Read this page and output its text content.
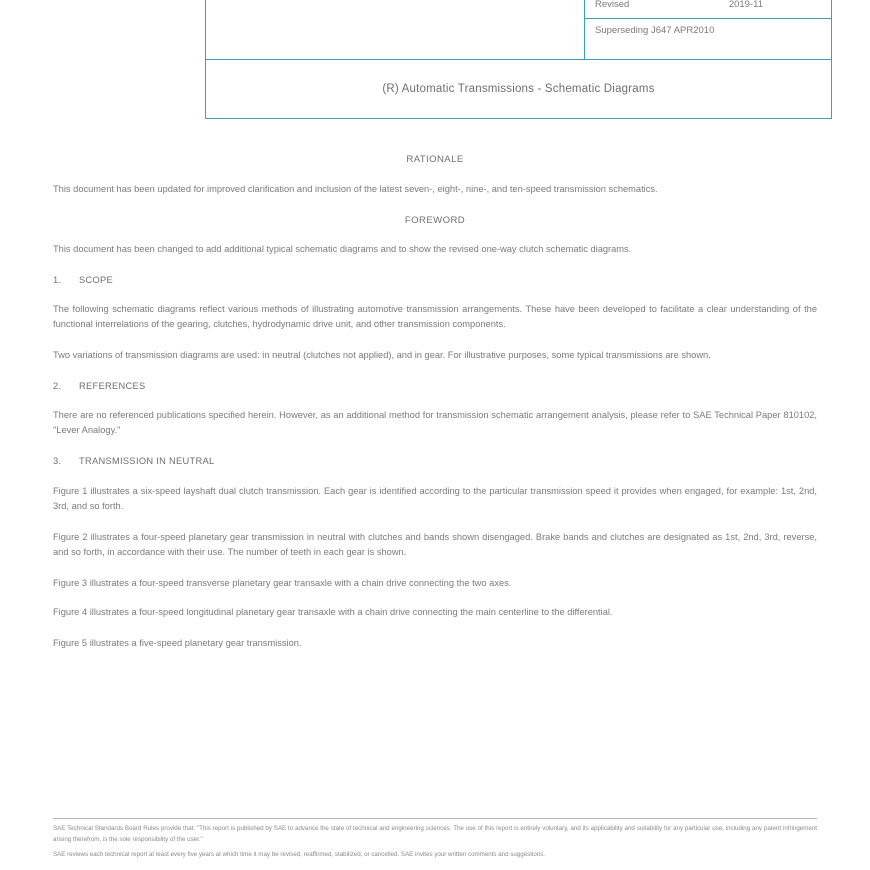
Revised	2019-11
Superseding J647 APR2010
(R) Automatic Transmissions - Schematic Diagrams
RATIONALE

This document has been updated for improved clarification and inclusion of the latest seven-, eight-, nine-, and ten-speed transmission schematics.

FOREWORD

This document has been changed to add additional typical schematic diagrams and to show the revised one-way clutch schematic diagrams.

1. SCOPE

The following schematic diagrams reflect various methods of illustrating automotive transmission arrangements. These have been developed to facilitate a clear understanding of the functional interrelations of the gearing, clutches, hydrodynamic drive unit, and other transmission components.

Two variations of transmission diagrams are used: in neutral (clutches not applied), and in gear. For illustrative purposes, some typical transmissions are shown.

2. REFERENCES

There are no referenced publications specified herein. However, as an additional method for transmission schematic arrangement analysis, please refer to SAE Technical Paper 810102, "Lever Analogy."

3. TRANSMISSION IN NEUTRAL

Figure 1 illustrates a six-speed layshaft dual clutch transmission. Each gear is identified according to the particular transmission speed it provides when engaged, for example: 1st, 2nd, 3rd, and so forth.

Figure 2 illustrates a four-speed planetary gear transmission in neutral with clutches and bands shown disengaged. Brake bands and clutches are designated as 1st, 2nd, 3rd, reverse, and so forth, in accordance with their use. The number of teeth in each gear is shown.

Figure 3 illustrates a four-speed transverse planetary gear transaxle with a chain drive connecting the two axes.

Figure 4 illustrates a four-speed longitudinal planetary gear transaxle with a chain drive connecting the main centerline to the differential.

Figure 5 illustrates a five-speed planetary gear transmission.

SAE Technical Standards Board Rules provide that: "This report is published by SAE to advance the state of technical and engineering sciences. The use of this report is entirely voluntary, and its applicability and suitability for any particular use, including any patent infringement arising therefrom, is the sole responsibility of the user."

SAE reviews each technical report at least every five years at which time it may be revised, reaffirmed, stabilized, or cancelled. SAE invites your written comments and suggestions.
